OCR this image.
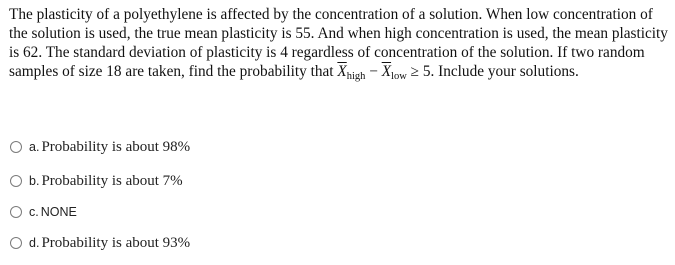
The plasticity of a polyethylene is affected by the concentration of a solution. When low concentration of the solution is used, the true mean plasticity is 55. And when high concentration is used, the mean plasticity is 62. The standard deviation of plasticity is 4 regardless of concentration of the solution. If two random samples of size 18 are taken, find the probability that $\overline{X}_{high} - \overline{X}_{low} \ge 5$. Include your solutions.
a. Probability is about 98%
b. Probability is about 7%
c. NONE
d. Probability is about 93%
